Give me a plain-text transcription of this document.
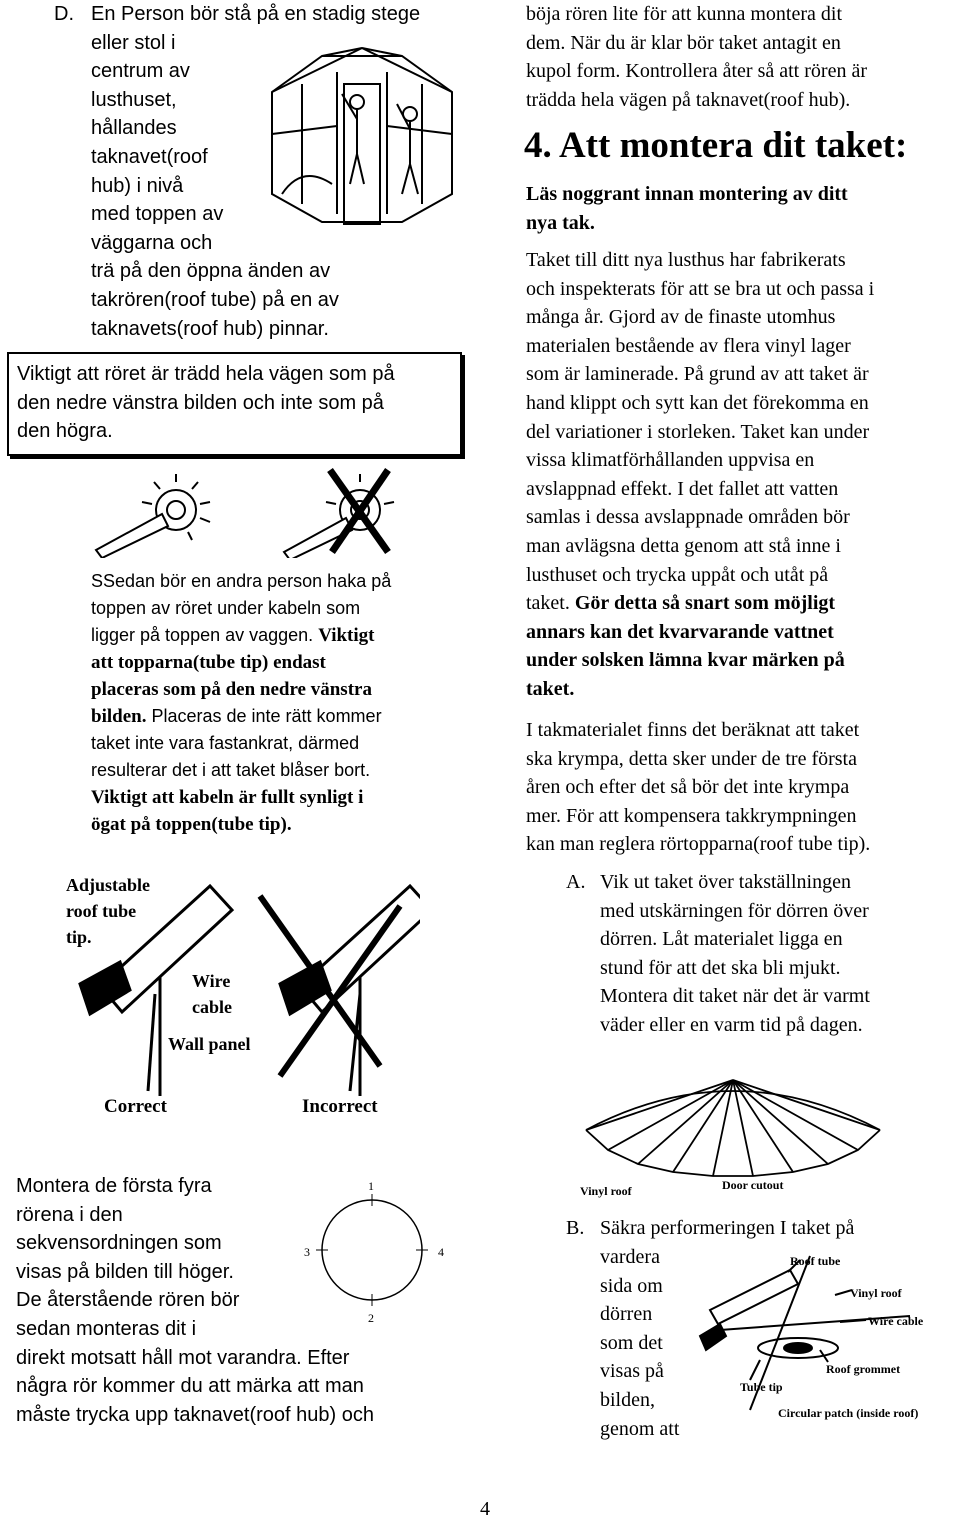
D. En Person bör stå på en stadig stege

eller stol i

centrum av

lusthuset,

hållandes

taknavet(roof

hub) i nivå

med toppen av

väggarna och

trä på den öppna änden av

takrören(roof tube) på en av

taknavets(roof hub) pinnar.

Viktigt att röret är trädd hela vägen som på

den nedre vänstra bilden och inte som på

den högra.

SSedan bör en andra person haka på

toppen av röret under kabeln som

ligger på toppen av vaggen. Viktigt

att topparna(tube tip) endast

placeras som på den nedre vänstra

bilden. Placeras de inte rätt kommer

taket inte vara fastankrat, därmed

resulterar det i att taket blåser bort.

Viktigt att kabeln är fullt synligt i

ögat på toppen(tube tip).

Adjustable

roof tube

tip.

Wire

cable

Wall panel
Correct	Incorrect

Montera de första fyra

rörena i den

sekvensordningen som

visas på bilden till höger.

De återstående rören bör

sedan monteras dit i

direkt motsatt håll mot varandra. Efter

några rör kommer du att märka att man

måste trycka upp taknavet(roof hub) och

1
2
3	4

böja rören lite för att kunna montera dit

dem. När du är klar bör taket antagit en

kupol form. Kontrollera åter så att rören är

trädda hela vägen på taknavet(roof hub).

4. Att montera dit taket:

Läs noggrant innan montering av ditt

nya tak.

Taket till ditt nya lusthus har fabrikerats

och inspekterats för att se bra ut och passa i

många år. Gjord av de finaste utomhus

materialen bestående av flera vinyl lager

som är laminerade. På grund av att taket är

hand klippt och sytt kan det förekomma en

del variationer i storleken. Taket kan under

vissa klimatförhållanden uppvisa en

avslappnad effekt. I det fallet att vatten

samlas i dessa avslappnade områden bör

man avlägsna detta genom att stå inne i

lusthuset och trycka uppåt och utåt på

taket. Gör detta så snart som möjligt

annars kan det kvarvarande vattnet

under solsken lämna kvar märken på

taket.

I takmaterialet finns det beräknat att taket

ska krympa, detta sker under de tre första

åren och efter det så bör det inte krympa

mer. För att kompensera takkrympningen

kan man reglera rörtopparna(roof tube tip).

A. Vik ut taket över takställningen

med utskärningen för dörren över

dörren. Låt materialet ligga en

stund för att det ska bli mjukt.

Montera dit taket när det är varmt

väder eller en varm tid på dagen.

Vinyl roof	Door cutout
B. Säkra performeringen I taket på

vardera

sida om

dörren

som det

visas på

bilden,

genom att

Roof tube
Vinyl roof
Wire cable
Roof grommet
Tube tip
Circular patch (inside roof)
4
